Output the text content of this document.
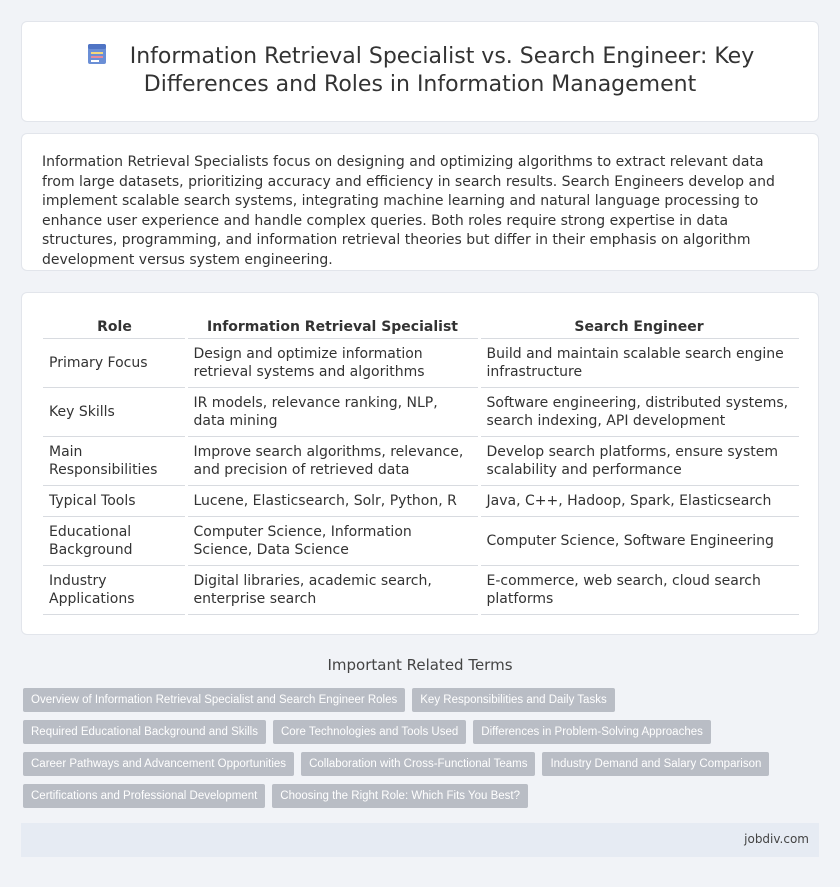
Information Retrieval Specialist vs. Search Engineer: Key
Differences and Roles in Information Management

Information Retrieval Specialists focus on designing and optimizing algorithms to extract relevant data from large datasets, prioritizing accuracy and efficiency in search results. Search Engineers develop and implement scalable search systems, integrating machine learning and natural language processing to enhance user experience and handle complex queries. Both roles require strong expertise in data structures, programming, and information retrieval theories but differ in their emphasis on algorithm development versus system engineering.

Role	Information Retrieval Specialist	Search Engineer
Primary Focus	Design and optimize information retrieval systems and algorithms	Build and maintain scalable search engine infrastructure
Key Skills	IR models, relevance ranking, NLP, data mining	Software engineering, distributed systems, search indexing, API development
Main Responsibilities	Improve search algorithms, relevance, and precision of retrieved data	Develop search platforms, ensure system scalability and performance
Typical Tools	Lucene, Elasticsearch, Solr, Python, R	Java, C++, Hadoop, Spark, Elasticsearch
Educational Background	Computer Science, Information Science, Data Science	Computer Science, Software Engineering
Industry Applications	Digital libraries, academic search, enterprise search	E-commerce, web search, cloud search platforms
Important Related Terms
Overview of Information Retrieval Specialist and Search Engineer Roles	Key Responsibilities and Daily Tasks
Required Educational Background and Skills	Core Technologies and Tools Used	Differences in Problem-Solving Approaches
Career Pathways and Advancement Opportunities	Collaboration with Cross-Functional Teams	Industry Demand and Salary Comparison
Certifications and Professional Development	Choosing the Right Role: Which Fits You Best?
jobdiv.com
